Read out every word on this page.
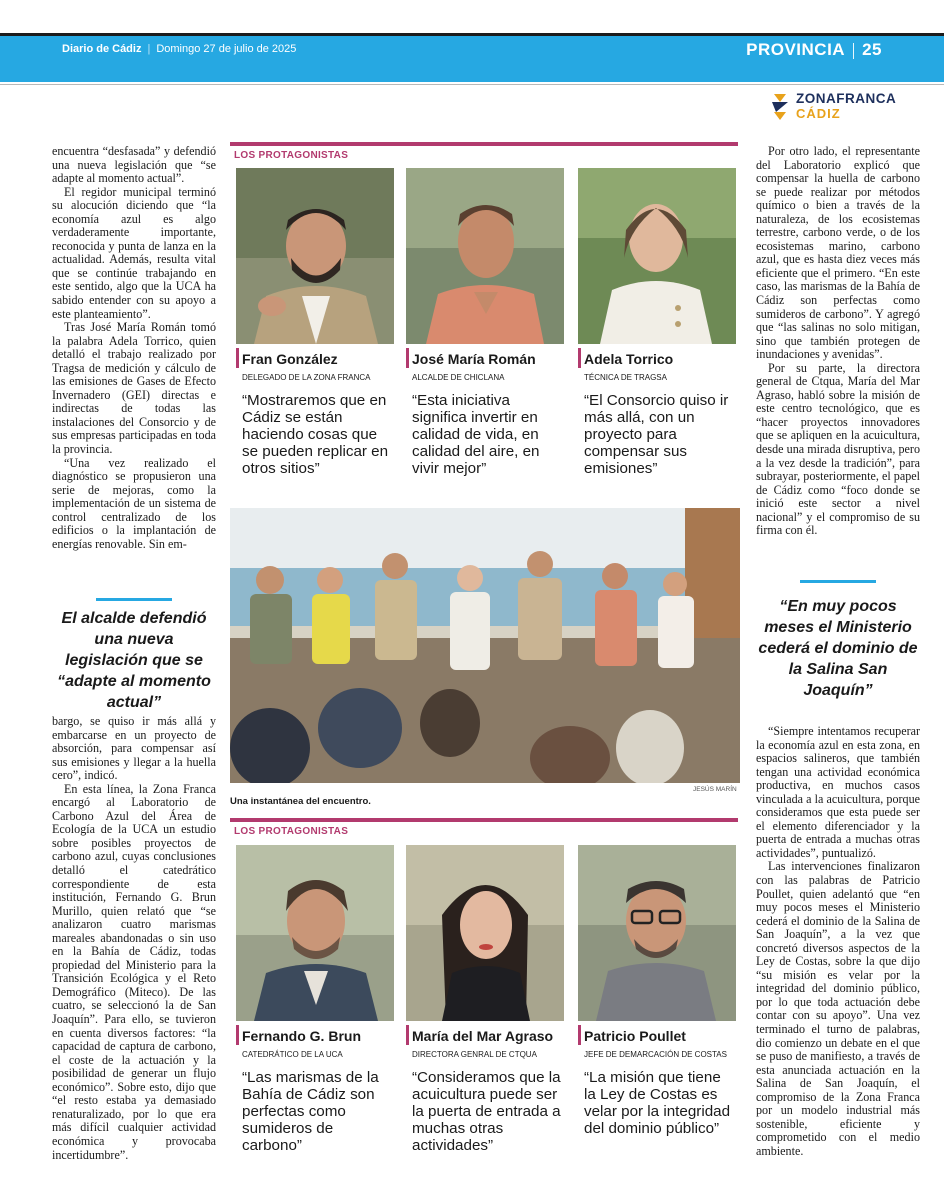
Diario de Cádiz | Domingo 27 de julio de 2025	PROVINCIA 25
ZONAFRANCA
CÁDIZ

encuentra “desfasada” y defendió una nueva legislación que “se adapte al momento actual”.

El regidor municipal terminó su alocución diciendo que “la economía azul es algo verdaderamente importante, reconocida y punta de lanza en la actualidad. Además, resulta vital que se continúe trabajando en este sentido, algo que la UCA ha sabido entender con su apoyo a este planteamiento”.

Tras José María Román tomó la palabra Adela Torrico, quien detalló el trabajo realizado por Tragsa de medición y cálculo de las emisiones de Gases de Efecto Invernadero (GEI) directas e indirectas de todas las instalaciones del Consorcio y de sus empresas participadas en toda la provincia.

“Una vez realizado el diagnóstico se propusieron una serie de mejoras, como la implementación de un sistema de control centralizado de los edificios o la implantación de energías renovable. Sin em-

El alcalde defendió una nueva legislación que se “adapte al momento actual”

bargo, se quiso ir más allá y embarcarse en un proyecto de absorción, para compensar así sus emisiones y llegar a la huella cero”, indicó.

En esta línea, la Zona Franca encargó al Laboratorio de Carbono Azul del Área de Ecología de la UCA un estudio sobre posibles proyectos de carbono azul, cuyas conclusiones detalló el catedrático correspondiente de esta institución, Fernando G. Brun Murillo, quien relató que “se analizaron cuatro marismas mareales abandonadas o sin uso en la Bahía de Cádiz, todas propiedad del Ministerio para la Transición Ecológica y el Reto Demográfico (Miteco). De las cuatro, se seleccionó la de San Joaquín”. Para ello, se tuvieron en cuenta diversos factores: “la capacidad de captura de carbono, el coste de la actuación y la posibilidad de generar un flujo económico”. Sobre esto, dijo que “el resto estaba ya demasiado renaturalizado, por lo que era más difícil cualquier actividad económica y provocaba incertidumbre”.

Por otro lado, el representante del Laboratorio explicó que compensar la huella de carbono se puede realizar por métodos químico o bien a través de la naturaleza, de los ecosistemas terrestre, carbono verde, o de los ecosistemas marino, carbono azul, que es hasta diez veces más eficiente que el primero. “En este caso, las marismas de la Bahía de Cádiz son perfectas como sumideros de carbono”. Y agregó que “las salinas no solo mitigan, sino que también protegen de inundaciones y avenidas”.

Por su parte, la directora general de Ctqua, María del Mar Agraso, habló sobre la misión de este centro tecnológico, que es “hacer proyectos innovadores que se apliquen en la acuicultura, desde una mirada disruptiva, pero a la vez desde la tradición”, para subrayar, posteriormente, el papel de Cádiz como “foco donde se inició este sector a nivel nacional” y el compromiso de su firma con él.

“En muy pocos meses el Ministerio cederá el dominio de la Salina San Joaquín”

“Siempre intentamos recuperar la economía azul en esta zona, en espacios salineros, que también tengan una actividad económica productiva, en muchos casos vinculada a la acuicultura, porque consideramos que esta puede ser el elemento diferenciador y la puerta de entrada a muchas otras actividades”, puntualizó.

Las intervenciones finalizaron con las palabras de Patricio Poullet, quien adelantó que “en muy pocos meses el Ministerio cederá el dominio de la Salina de San Joaquín”, a la vez que concretó diversos aspectos de la Ley de Costas, sobre la que dijo “su misión es velar por la integridad del dominio público, por lo que toda actuación debe contar con su apoyo”. Una vez terminado el turno de palabras, dio comienzo un debate en el que se puso de manifiesto, a través de esta anunciada actuación en la Salina de San Joaquín, el compromiso de la Zona Franca por un modelo industrial más sostenible, eficiente y comprometido con el medio ambiente.

LOS PROTAGONISTAS
Fran González
DELEGADO DE LA ZONA FRANCA
“Mostraremos que en Cádiz se están haciendo cosas que se pueden replicar en otros sitios”
José María Román
ALCALDE DE CHICLANA
“Esta iniciativa significa invertir en calidad de vida, en calidad del aire, en vivir mejor”
Adela Torrico
TÉCNICA DE TRAGSA
“El Consorcio quiso ir más allá, con un proyecto para compensar sus emisiones”
JESÚS MARÍN
Una instantánea del encuentro.
LOS PROTAGONISTAS
Fernando G. Brun
CATEDRÁTICO DE LA UCA
“Las marismas de la Bahía de Cádiz son perfectas como sumideros de carbono”
María del Mar Agraso
DIRECTORA GENRAL DE CTQUA
“Consideramos que la acuicultura puede ser la puerta de entrada a muchas otras actividades”
Patricio Poullet
JEFE DE DEMARCACIÓN DE COSTAS
“La misión que tiene la Ley de Costas es velar por la integridad del dominio público”
